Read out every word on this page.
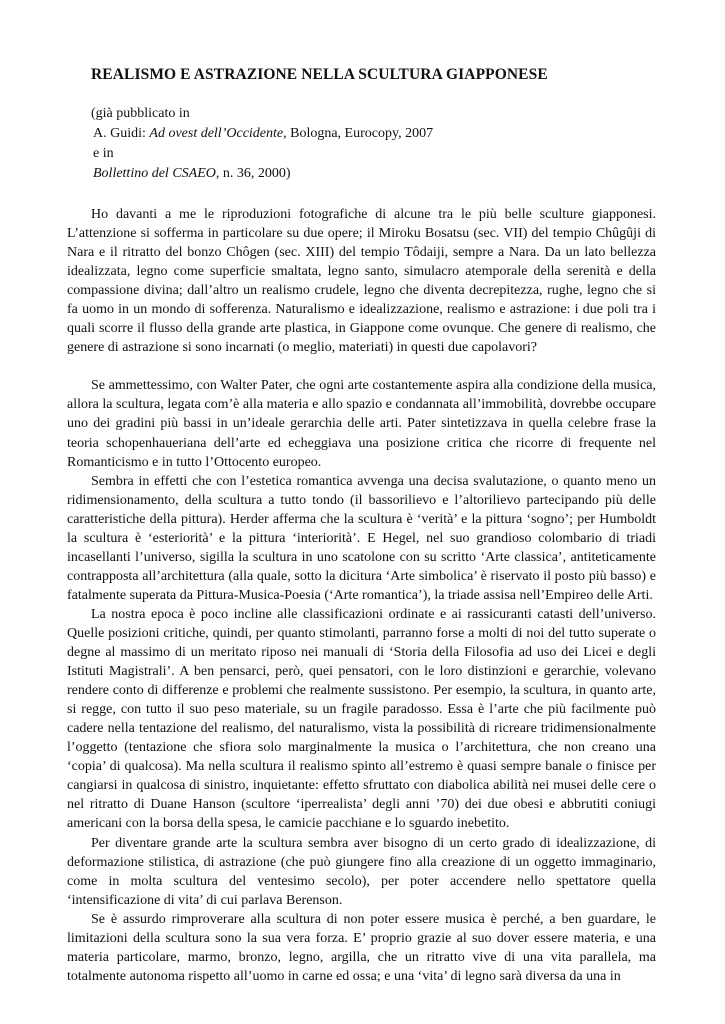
REALISMO E ASTRAZIONE NELLA SCULTURA GIAPPONESE
(già pubblicato in
A. Guidi: Ad ovest dell’Occidente, Bologna, Eurocopy, 2007
e in
Bollettino del CSAEO, n. 36, 2000)

Ho davanti a me le riproduzioni fotografiche di alcune tra le più belle sculture giapponesi. L’attenzione si sofferma in particolare su due opere; il Miroku Bosatsu (sec. VII) del tempio Chûgûji di Nara e il ritratto del bonzo Chôgen (sec. XIII) del tempio Tôdaiji, sempre a Nara. Da un lato bellezza idealizzata, legno come superficie smaltata, legno santo, simulacro atemporale della serenità e della compassione divina; dall’altro un realismo crudele, legno che diventa decrepitezza, rughe, legno che si fa uomo in un mondo di sofferenza. Naturalismo e idealizzazione, realismo e astrazione: i due poli tra i quali scorre il flusso della grande arte plastica, in Giappone come ovunque. Che genere di realismo, che genere di astrazione si sono incarnati (o meglio, materiati) in questi due capolavori?

Se ammettessimo, con Walter Pater, che ogni arte costantemente aspira alla condizione della musica, allora la scultura, legata com’è alla materia e allo spazio e condannata all’immobilità, dovrebbe occupare uno dei gradini più bassi in un’ideale gerarchia delle arti. Pater sintetizzava in quella celebre frase la teoria schopenhaueriana dell’arte ed echeggiava una posizione critica che ricorre di frequente nel Romanticismo e in tutto l’Ottocento europeo.

Sembra in effetti che con l’estetica romantica avvenga una decisa svalutazione, o quanto meno un ridimensionamento, della scultura a tutto tondo (il bassorilievo e l’altorilievo partecipando più delle caratteristiche della pittura). Herder afferma che la scultura è ‘verità’ e la pittura ‘sogno’; per Humboldt la scultura è ‘esteriorità’ e la pittura ‘interiorità’. E Hegel, nel suo grandioso colombario di triadi incasellanti l’universo, sigilla la scultura in uno scatolone con su scritto ‘Arte classica’, antiteticamente contrapposta all’architettura (alla quale, sotto la dicitura ‘Arte simbolica’ è riservato il posto più basso) e fatalmente superata da Pittura-Musica-Poesia (‘Arte romantica’), la triade assisa nell’Empireo delle Arti.

La nostra epoca è poco incline alle classificazioni ordinate e ai rassicuranti catasti dell’universo. Quelle posizioni critiche, quindi, per quanto stimolanti, parranno forse a molti di noi del tutto superate o degne al massimo di un meritato riposo nei manuali di ‘Storia della Filosofia ad uso dei Licei e degli Istituti Magistrali’. A ben pensarci, però, quei pensatori, con le loro distinzioni e gerarchie, volevano rendere conto di differenze e problemi che realmente sussistono. Per esempio, la scultura, in quanto arte, si regge, con tutto il suo peso materiale, su un fragile paradosso. Essa è l’arte che più facilmente può cadere nella tentazione del realismo, del naturalismo, vista la possibilità di ricreare tridimensionalmente l’oggetto (tentazione che sfiora solo marginalmente la musica o l’architettura, che non creano una ‘copia’ di qualcosa). Ma nella scultura il realismo spinto all’estremo è quasi sempre banale o finisce per cangiarsi in qualcosa di sinistro, inquietante: effetto sfruttato con diabolica abilità nei musei delle cere o nel ritratto di Duane Hanson (scultore ‘iperrealista’ degli anni ’70) dei due obesi e abbrutiti coniugi americani con la borsa della spesa, le camicie pacchiane e lo sguardo inebetito.

Per diventare grande arte la scultura sembra aver bisogno di un certo grado di idealizzazione, di deformazione stilistica, di astrazione (che può giungere fino alla creazione di un oggetto immaginario, come in molta scultura del ventesimo secolo), per poter accendere nello spettatore quella ‘intensificazione di vita’ di cui parlava Berenson.

Se è assurdo rimproverare alla scultura di non poter essere musica è perché, a ben guardare, le limitazioni della scultura sono la sua vera forza. E’ proprio grazie al suo dover essere materia, e una materia particolare, marmo, bronzo, legno, argilla, che un ritratto vive di una vita parallela, ma totalmente autonoma rispetto all’uomo in carne ed ossa; e una ‘vita’ di legno sarà diversa da una in
